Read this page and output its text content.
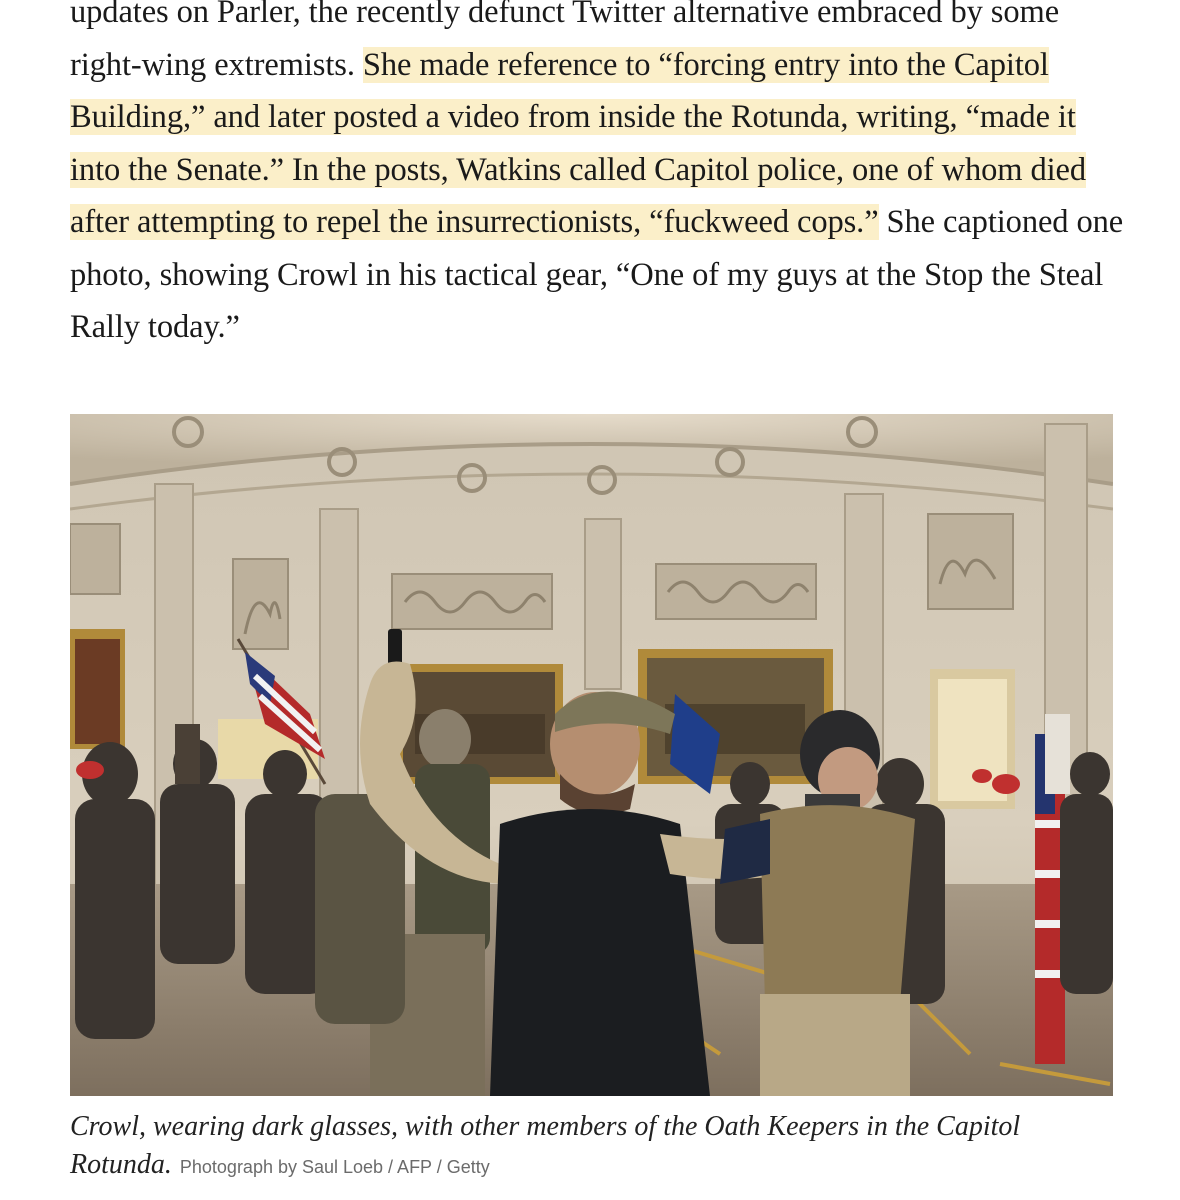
updates on Parler, the recently defunct Twitter alternative embraced by some right-wing extremists. She made reference to “forcing entry into the Capitol Building,” and later posted a video from inside the Rotunda, writing, “made it into the Senate.” In the posts, Watkins called Capitol police, one of whom died after attempting to repel the insurrectionists, “fuckweed cops.” She captioned one photo, showing Crowl in his tactical gear, “One of my guys at the Stop the Steal Rally today.”

Crowl, wearing dark glasses, with other members of the Oath Keepers in the Capitol Rotunda. Photograph by Saul Loeb / AFP / Getty
